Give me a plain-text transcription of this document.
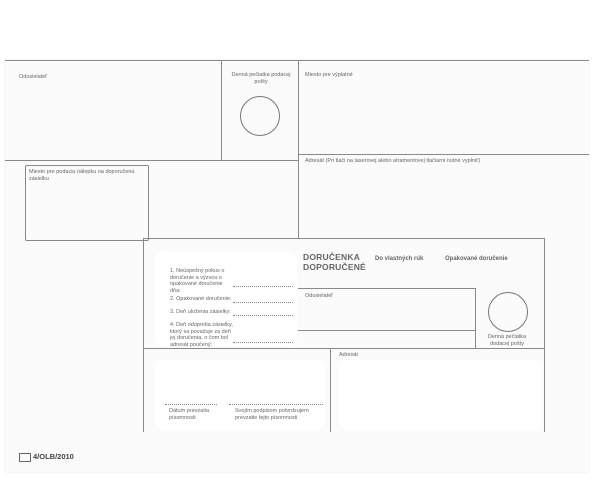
Odosielateľ	Denná pečiatka podacej pošty
Miesto pre výplatné
Miesto pre podaciu nálepku na doporučenú zásielku
Adresát (Pri tlači na laserovej alebo atramentovej tlačiarni nutné vyplniť)
DORUČENKA
DOPORUČENÉ
Do vlastných rúk	Opakované doručenie
Odosielateľ
Denná pečiatka dodacej pošty
1. Neúspešný pokus o doručenie a výzvou o opakované doručenie dňa:
2. Opakované doručenie:
3. Deň uloženia zásielky:
4. Deň odopretia zásielky, ktorý sa považuje za deň jej doručenia, o čom bol adresát poučený:
Dátum prevzatia písomnosti
Svojím podpisom potvrdzujem prevzatie tejto písomnosti
Adresát
4/OLB/2010
